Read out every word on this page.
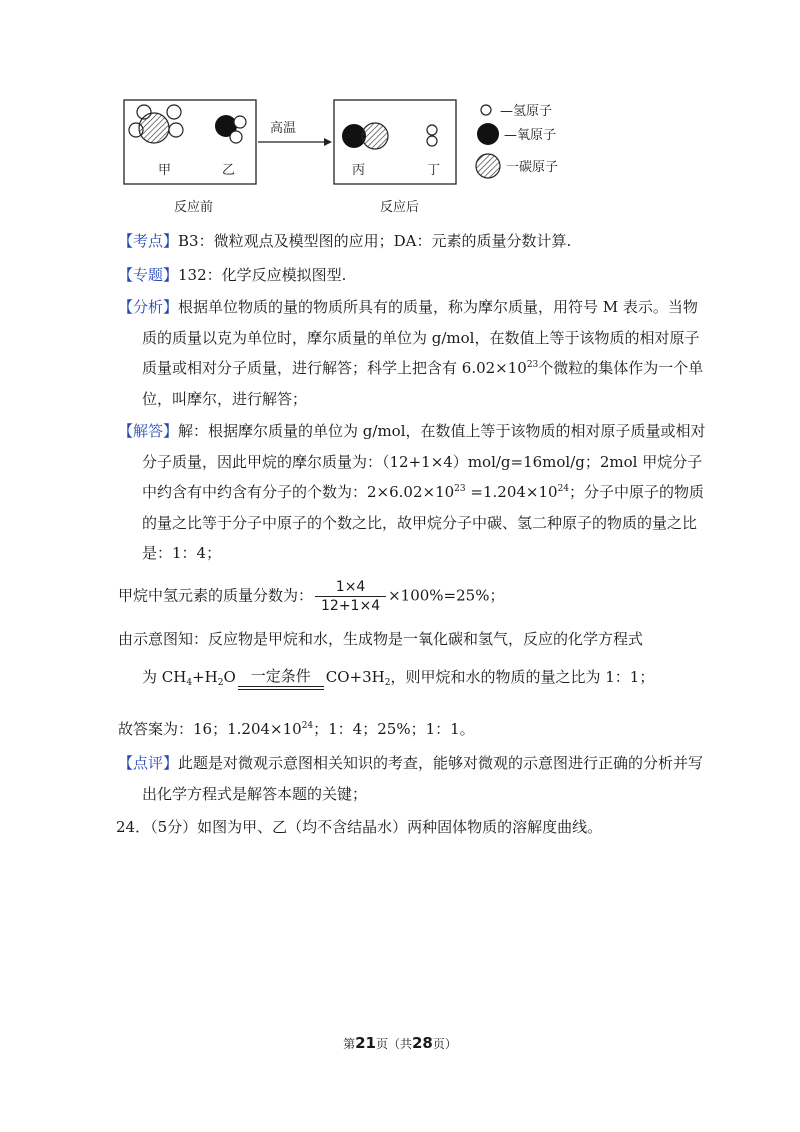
甲	乙
高温
丙	丁
—氢原子
—氧原子
一碳原子
反应前	反应后
【考点】B3：微粒观点及模型图的应用；DA：元素的质量分数计算.
【专题】132：化学反应模拟图型.
【分析】根据单位物质的量的物质所具有的质量，称为摩尔质量，用符号 M 表示。当物质的质量以克为单位时，摩尔质量的单位为 g/mol，在数值上等于该物质的相对原子质量或相对分子质量，进行解答；科学上把含有 $6.02\times 10^{23}$个微粒的集体作为一个单位，叫摩尔，进行解答；
【解答】解：根据摩尔质量的单位为 g/mol，在数值上等于该物质的相对原子质量或相对分子质量，因此甲烷的摩尔质量为：（12+1×4）mol/g=16mol/g；2mol 甲烷分子中约含有中约含有分子的个数为：$2\times 6.02\times 10^{23} =1.204\times 10^{24}$；分子中原子的物质的量之比等于分子中原子的个数之比，故甲烷分子中碳、氢二种原子的物质的量之比是：1：4；
甲烷中氢元素的质量分数为： $\frac{1\times 4}{12+1\times 4} \times 100\%=25\%$；
由示意图知：反应物是甲烷和水，生成物是一氧化碳和氢气，反应的化学方程式
为 $CH_4+H_2O$ 一定条件	$CO+3H_2$，则甲烷和水的物质的量之比为 1：1；
故答案为：16；$1.204\times 10^{24}$；1：4；25%；1：1。
【点评】此题是对微观示意图相关知识的考查，能够对微观的示意图进行正确的分析并写出化学方程式是解答本题的关键；
24．（5分）如图为甲、乙（均不含结晶水）两种固体物质的溶解度曲线。
第21页（共28页）
